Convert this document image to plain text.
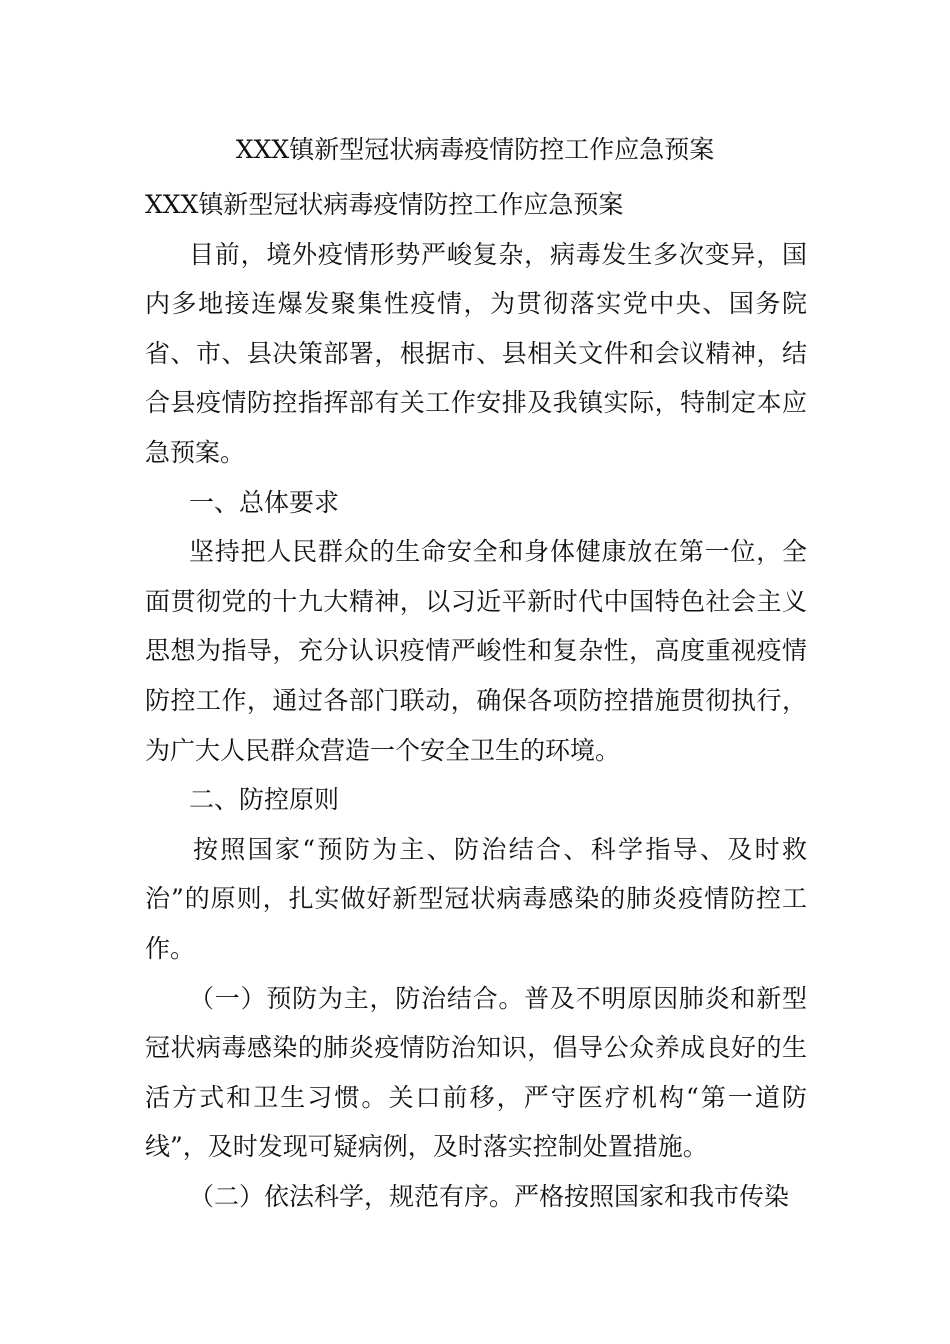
XXX镇新型冠状病毒疫情防控工作应急预案

XXX镇新型冠状病毒疫情防控工作应急预案

目前，境外疫情形势严峻复杂，病毒发生多次变异，国内多地接连爆发聚集性疫情，为贯彻落实党中央、国务院省、市、县决策部署，根据市、县相关文件和会议精神，结合县疫情防控指挥部有关工作安排及我镇实际，特制定本应急预案。

一、总体要求

坚持把人民群众的生命安全和身体健康放在第一位，全面贯彻党的十九大精神，以习近平新时代中国特色社会主义思想为指导，充分认识疫情严峻性和复杂性，高度重视疫情防控工作，通过各部门联动，确保各项防控措施贯彻执行，为广大人民群众营造一个安全卫生的环境。

二、防控原则

按照国家“预防为主、防治结合、科学指导、及时救治”的原则，扎实做好新型冠状病毒感染的肺炎疫情防控工作。

（一）预防为主，防治结合。普及不明原因肺炎和新型冠状病毒感染的肺炎疫情防治知识，倡导公众养成良好的生活方式和卫生习惯。关口前移，严守医疗机构“第一道防线”，及时发现可疑病例，及时落实控制处置措施。

（二）依法科学，规范有序。严格按照国家和我市传染
